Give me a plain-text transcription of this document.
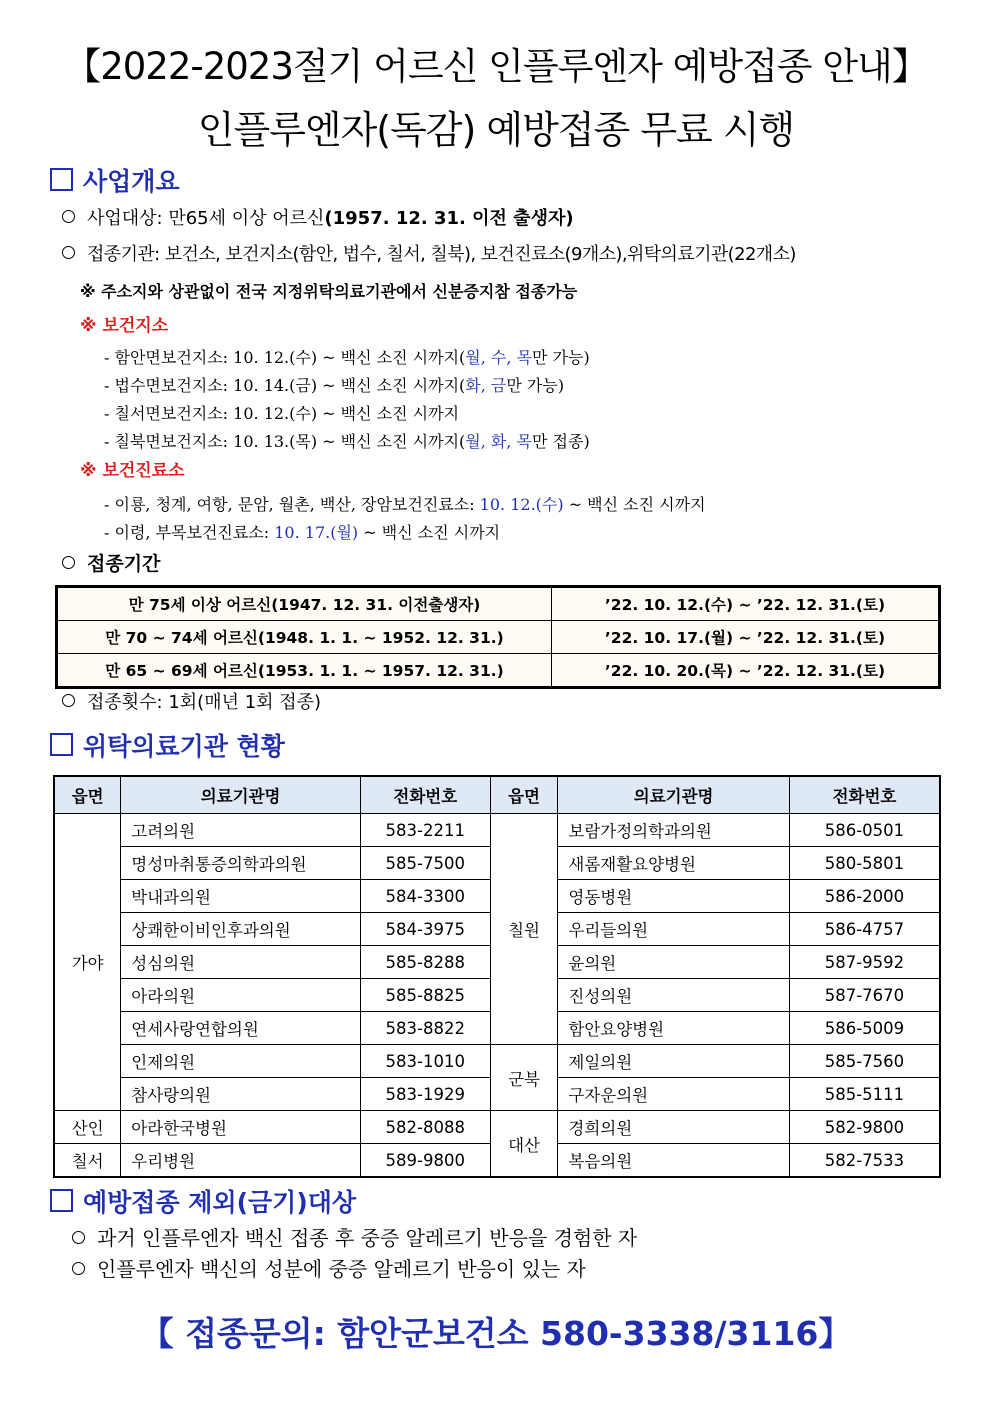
【2022-2023절기 어르신 인플루엔자 예방접종 안내】
인플루엔자(독감) 예방접종 무료 시행
사업개요
사업대상: 만65세 이상 어르신(1957. 12. 31. 이전 출생자)
접종기관: 보건소, 보건지소(함안, 법수, 칠서, 칠북), 보건진료소(9개소),위탁의료기관(22개소)
※ 주소지와 상관없이 전국 지정위탁의료기관에서 신분증지참 접종가능
※ 보건지소
- 함안면보건지소: 10. 12.(수) ~ 백신 소진 시까지(월, 수, 목만 가능)
- 법수면보건지소: 10. 14.(금) ~ 백신 소진 시까지(화, 금만 가능)
- 칠서면보건지소: 10. 12.(수) ~ 백신 소진 시까지
- 칠북면보건지소: 10. 13.(목) ~ 백신 소진 시까지(월, 화, 목만 접종)
※ 보건진료소
- 이룡, 청계, 여항, 문암, 월촌, 백산, 장암보건진료소: 10. 12.(수) ~ 백신 소진 시까지
- 이령, 부목보건진료소: 10. 17.(월) ~ 백신 소진 시까지
접종기간
만 75세 이상 어르신(1947. 12. 31. 이전출생자)	’22. 10. 12.(수) ~ ’22. 12. 31.(토)
만 70 ~ 74세 어르신(1948. 1. 1. ~ 1952. 12. 31.)	’22. 10. 17.(월) ~ ’22. 12. 31.(토)
만 65 ~ 69세 어르신(1953. 1. 1. ~ 1957. 12. 31.)	’22. 10. 20.(목) ~ ’22. 12. 31.(토)
접종횟수: 1회(매년 1회 접종)
위탁의료기관 현황
읍면	의료기관명	전화번호	읍면	의료기관명	전화번호
가야	고려의원	583-2211	칠원	보람가정의학과의원	586-0501
	명성마취통증의학과의원	585-7500		새롬재활요양병원	580-5801
	박내과의원	584-3300		영동병원	586-2000
	상쾌한이비인후과의원	584-3975		우리들의원	586-4757
	성심의원	585-8288		윤의원	587-9592
	아라의원	585-8825		진성의원	587-7670
	연세사랑연합의원	583-8822		함안요양병원	586-5009
	인제의원	583-1010	군북	제일의원	585-7560
	참사랑의원	583-1929		구자운의원	585-5111
산인	아라한국병원	582-8088	대산	경희의원	582-9800
칠서	우리병원	589-9800		복음의원	582-7533
예방접종 제외(금기)대상
과거 인플루엔자 백신 접종 후 중증 알레르기 반응을 경험한 자
인플루엔자 백신의 성분에 중증 알레르기 반응이 있는 자
【 접종문의: 함안군보건소 580-3338/3116】
